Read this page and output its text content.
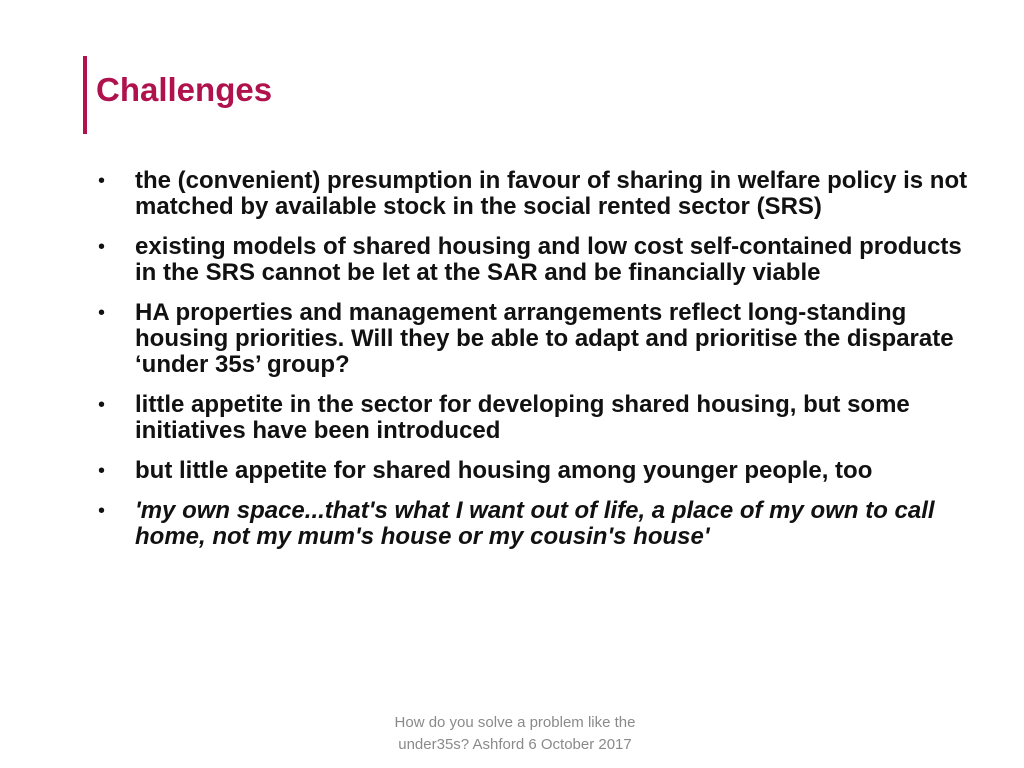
Challenges
• the (convenient) presumption in favour of sharing in welfare policy is not matched by available stock in the social rented sector (SRS)
• existing models of shared housing and low cost self-contained products in the SRS cannot be let at the SAR and be financially viable
• HA properties and management arrangements reflect long-standing housing priorities. Will they be able to adapt and prioritise the disparate ‘under 35s’ group?
• little appetite in the sector for developing shared housing, but some initiatives have been introduced
• but little appetite for shared housing among younger people, too
• 'my own space...that's what I want out of life, a place of my own to call home, not my mum's house or my cousin's house'
How do you solve a problem like the
under35s? Ashford 6 October 2017
